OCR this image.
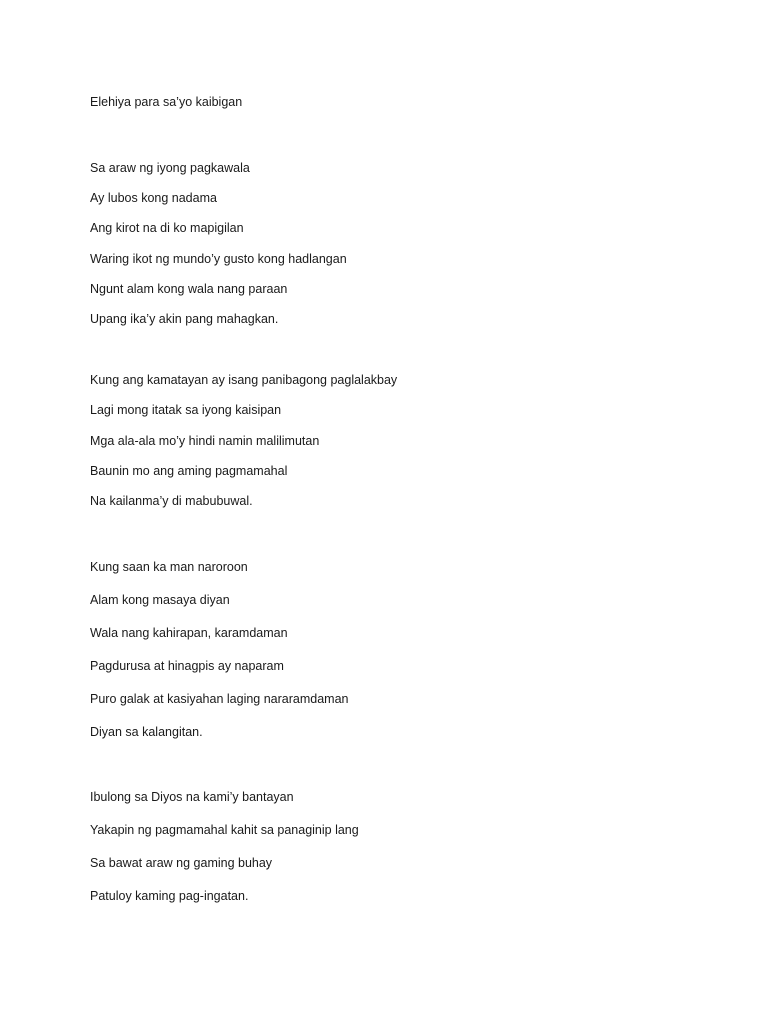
Elehiya para sa’yo kaibigan
Sa araw ng iyong pagkawala
Ay lubos kong nadama
Ang kirot na di ko mapigilan
Waring ikot ng mundo’y gusto kong hadlangan
Ngunt alam kong wala nang paraan
Upang ika’y akin pang mahagkan.
Kung ang kamatayan ay isang panibagong paglalakbay
Lagi mong itatak sa iyong kaisipan
Mga ala-ala mo’y hindi namin malilimutan
Baunin mo ang aming pagmamahal
Na kailanma’y di mabubuwal.
Kung saan ka man naroroon
Alam kong masaya diyan
Wala nang kahirapan, karamdaman
Pagdurusa at hinagpis ay naparam
Puro galak at kasiyahan laging nararamdaman
Diyan sa kalangitan.
Ibulong sa Diyos na kami’y bantayan
Yakapin ng pagmamahal kahit sa panaginip lang
Sa bawat araw ng gaming buhay
Patuloy kaming pag-ingatan.
